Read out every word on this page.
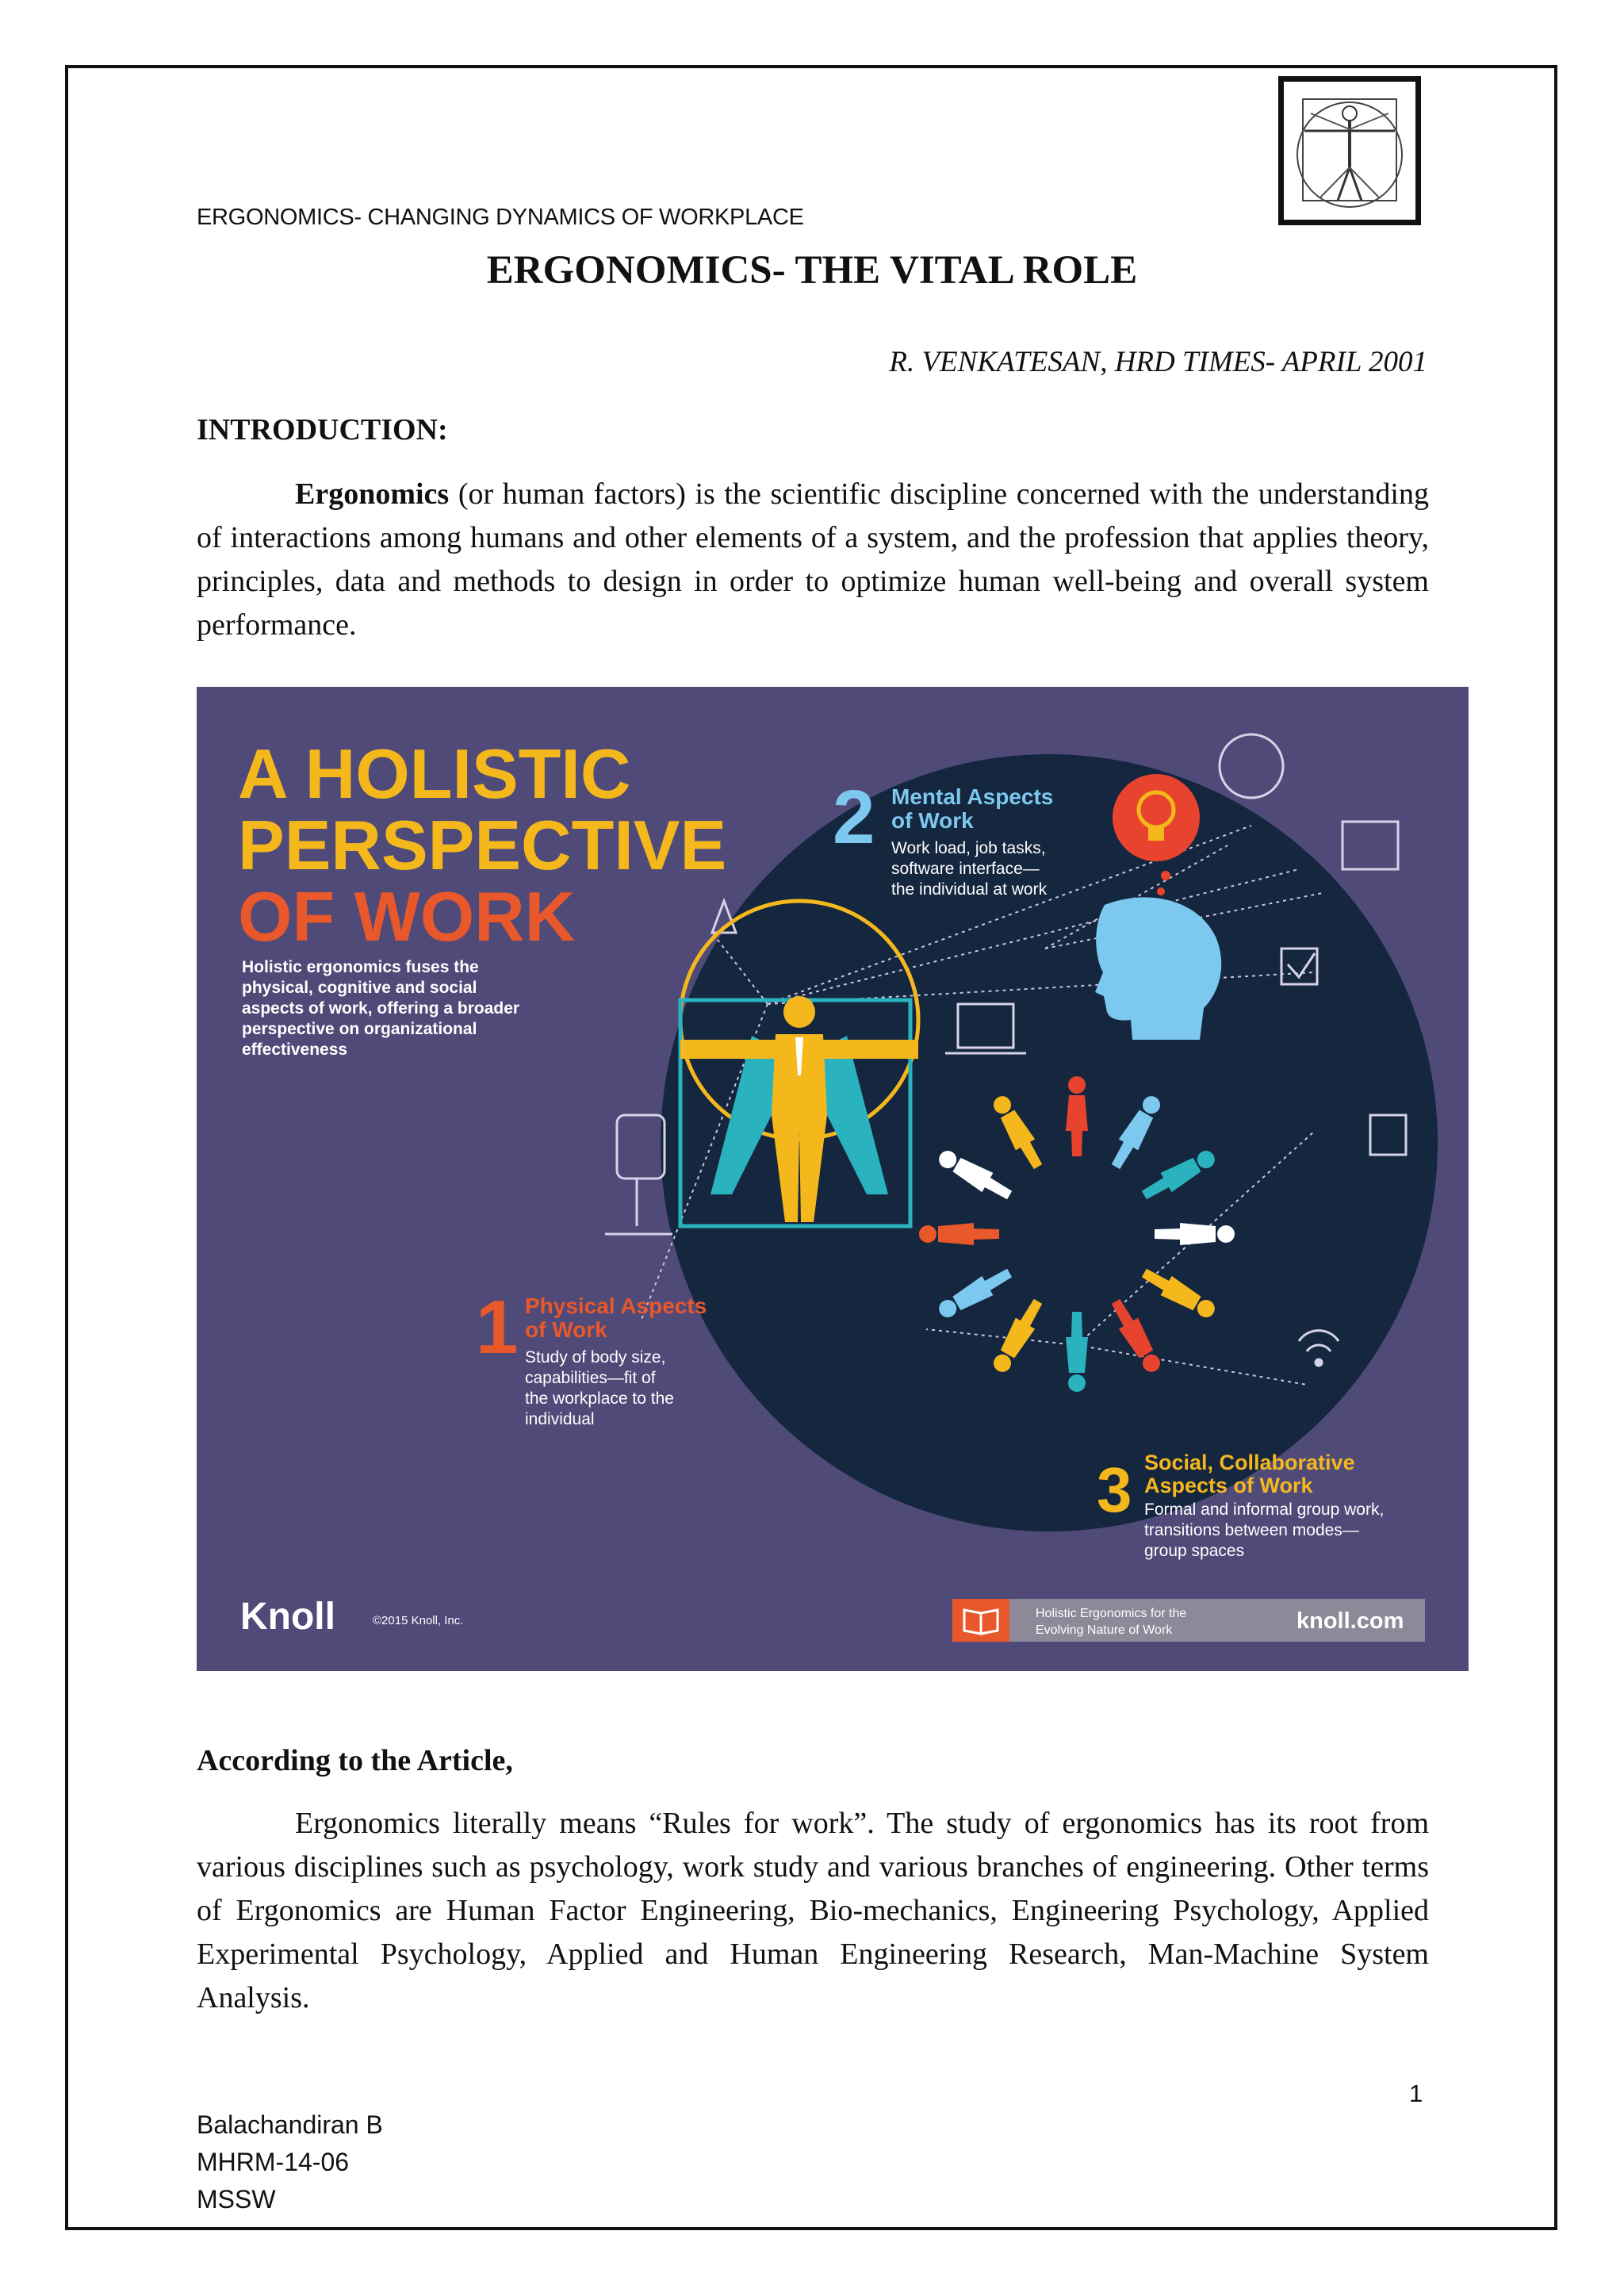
ERGONOMICS- CHANGING DYNAMICS OF WORKPLACE
ERGONOMICS- THE VITAL ROLE
R. VENKATESAN, HRD TIMES- APRIL 2001
INTRODUCTION:
Ergonomics (or human factors) is the scientific discipline concerned with the understanding of interactions among humans and other elements of a system, and the profession that applies theory, principles, data and methods to design in order to optimize human well-being and overall system performance.
A HOLISTIC
PERSPECTIVE
OF WORK
Holistic ergonomics fuses the
physical, cognitive and social
aspects of work, offering a broader
perspective on organizational
effectiveness
2 Mental Aspects
of Work
Work load, job tasks,
software interface—
the individual at work
1 Physical Aspects
of Work
Study of body size,
capabilities—fit of
the workplace to the
individual
3 Social, Collaborative
Aspects of Work
Formal and informal group work,
transitions between modes—
group spaces
Knoll	©2015 Knoll, Inc.
Holistic Ergonomics for the
Evolving Nature of Work	knoll.com
According to the Article,
Ergonomics literally means “Rules for work”. The study of ergonomics has its root from various disciplines such as psychology, work study and various branches of engineering. Other terms of Ergonomics are Human Factor Engineering, Bio-mechanics, Engineering Psychology, Applied Experimental Psychology, Applied and Human Engineering Research, Man-Machine System Analysis.
1
Balachandiran B
MHRM-14-06
MSSW
